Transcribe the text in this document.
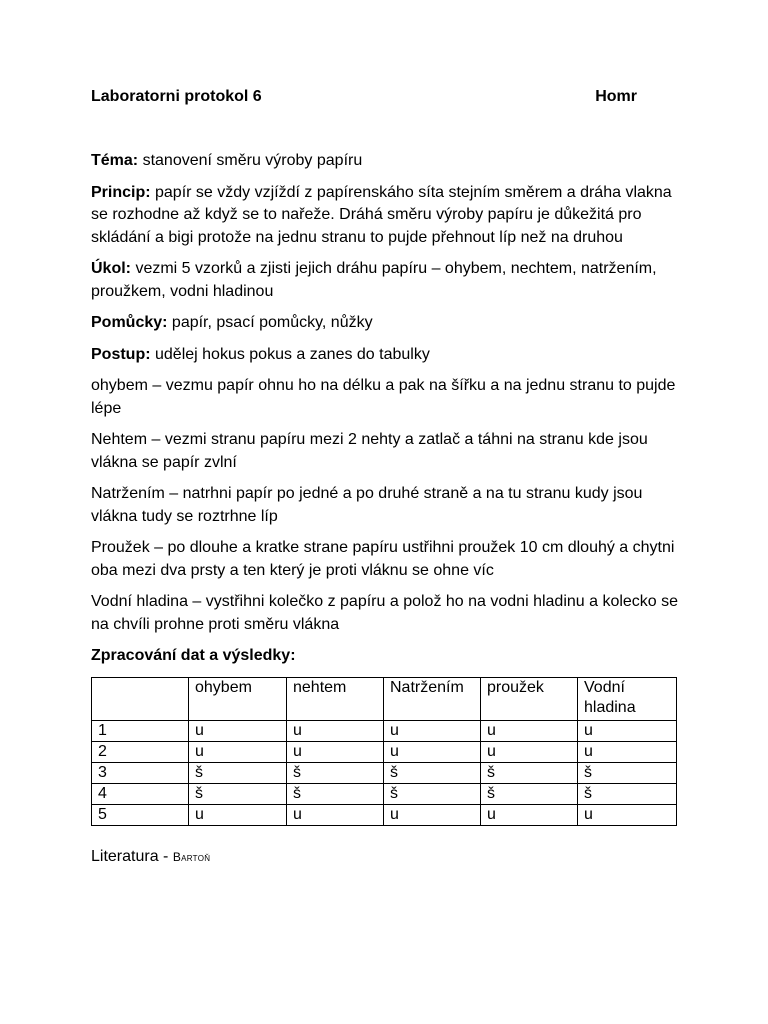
Laboratorni protokol 6	Homr

Téma: stanovení směru výroby papíru

Princip: papír se vždy vzjíždí z papírenskáho síta stejním směrem a dráha vlakna se rozhodne až když se to nařeže. Dráhá směru výroby papíru je důkežitá pro skládání a bigi protože na jednu stranu to pujde přehnout líp než na druhou

Úkol: vezmi 5 vzorků a zjisti jejich dráhu papíru – ohybem, nechtem, natržením, proužkem, vodni hladinou

Pomůcky: papír, psací pomůcky, nůžky

Postup: udělej hokus pokus a zanes do tabulky

ohybem – vezmu papír ohnu ho na délku a pak na šířku a na jednu stranu to pujde lépe

Nehtem – vezmi stranu papíru mezi 2 nehty a zatlač a táhni na stranu kde jsou vlákna se papír zvlní

Natržením – natrhni papír po jedné a po druhé straně a na tu stranu kudy jsou vlákna tudy se roztrhne líp

Proužek – po dlouhe a kratke strane papíru ustřihni proužek 10 cm dlouhý a chytni oba mezi dva prsty a ten který je proti vláknu se ohne víc

Vodní hladina – vystřihni kolečko z papíru a polož ho na vodni hladinu a kolecko se na chvíli prohne proti směru vlákna

Zpracování dat a výsledky:

	ohybem	nehtem	Natržením	proužek	Vodní hladina
1	u	u	u	u	u
2	u	u	u	u	u
3	š	š	š	š	š
4	š	š	š	š	š
5	u	u	u	u	u
Literatura - Bartoň
